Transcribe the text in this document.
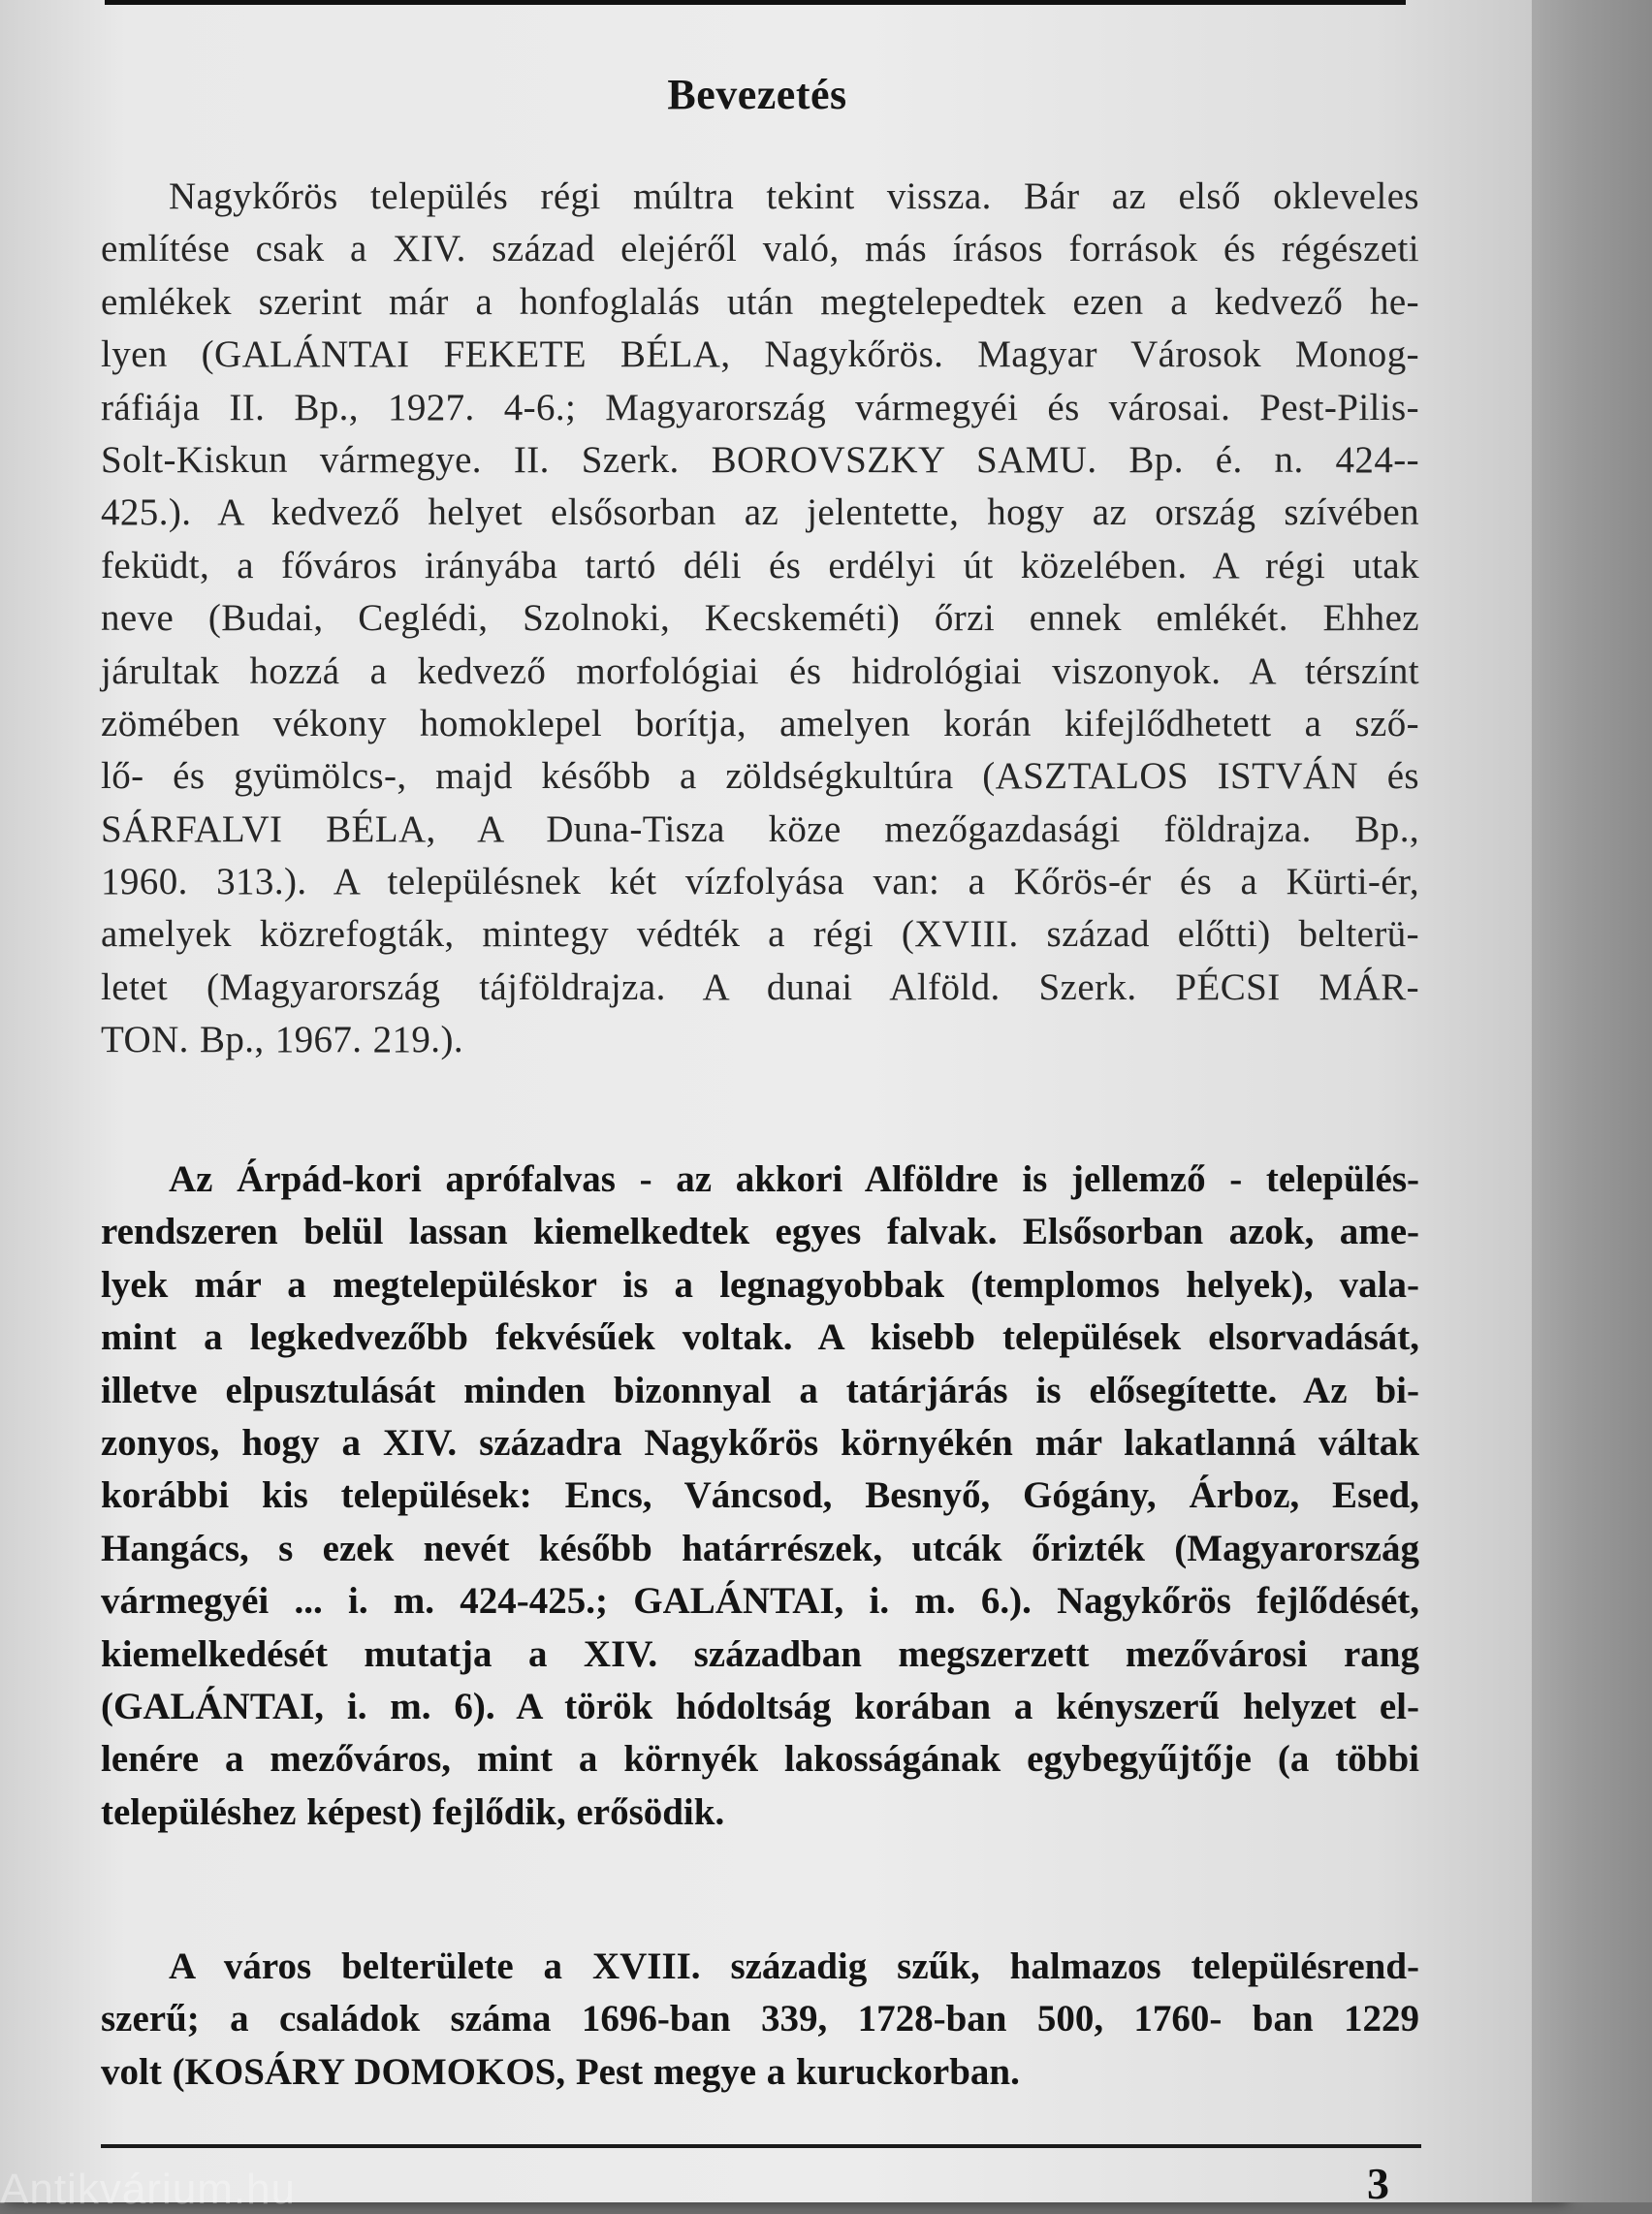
Bevezetés
Nagykőrös település régi múltra tekint vissza. Bár az első okleveles
említése csak a XIV. század elejéről való, más írásos források és régészeti
emlékek szerint már a honfoglalás után megtelepedtek ezen a kedvező he-
lyen (GALÁNTAI FEKETE BÉLA, Nagykőrös. Magyar Városok Monog-
ráfiája II. Bp., 1927. 4-6.; Magyarország vármegyéi és városai. Pest-Pilis-
Solt-Kiskun vármegye. II. Szerk. BOROVSZKY SAMU. Bp. é. n. 424--
425.). A kedvező helyet elsősorban az jelentette, hogy az ország szívében
feküdt, a főváros irányába tartó déli és erdélyi út közelében. A régi utak
neve (Budai, Ceglédi, Szolnoki, Kecskeméti) őrzi ennek emlékét. Ehhez
járultak hozzá a kedvező morfológiai és hidrológiai viszonyok. A térszínt
zömében vékony homoklepel borítja, amelyen korán kifejlődhetett a sző-
lő- és gyümölcs-, majd később a zöldségkultúra (ASZTALOS ISTVÁN és
SÁRFALVI BÉLA, A Duna-Tisza köze mezőgazdasági földrajza. Bp.,
1960. 313.). A településnek két vízfolyása van: a Kőrös-ér és a Kürti-ér,
amelyek közrefogták, mintegy védték a régi (XVIII. század előtti) belterü-
letet (Magyarország tájföldrajza. A dunai Alföld. Szerk. PÉCSI MÁR-
TON. Bp., 1967. 219.).
Az Árpád-kori aprófalvas - az akkori Alföldre is jellemző - település-
rendszeren belül lassan kiemelkedtek egyes falvak. Elsősorban azok, ame-
lyek már a megtelepüléskor is a legnagyobbak (templomos helyek), vala-
mint a legkedvezőbb fekvésűek voltak. A kisebb települések elsorvadását,
illetve elpusztulását minden bizonnyal a tatárjárás is elősegítette. Az bi-
zonyos, hogy a XIV. századra Nagykőrös környékén már lakatlanná váltak
korábbi kis települések: Encs, Váncsod, Besnyő, Gógány, Árboz, Esed,
Hangács, s ezek nevét később határrészek, utcák őrizték (Magyarország
vármegyéi ... i. m. 424-425.; GALÁNTAI, i. m. 6.). Nagykőrös fejlődését,
kiemelkedését mutatja a XIV. században megszerzett mezővárosi rang
(GALÁNTAI, i. m. 6). A török hódoltság korában a kényszerű helyzet el-
lenére a mezőváros, mint a környék lakosságának egybegyűjtője (a többi
településhez képest) fejlődik, erősödik.
A város belterülete a XVIII. századig szűk, halmazos településrend-
szerű; a családok száma 1696-ban 339, 1728-ban 500, 1760- ban 1229
volt (KOSÁRY DOMOKOS, Pest megye a kuruckorban.
3
Antikvárium.hu
